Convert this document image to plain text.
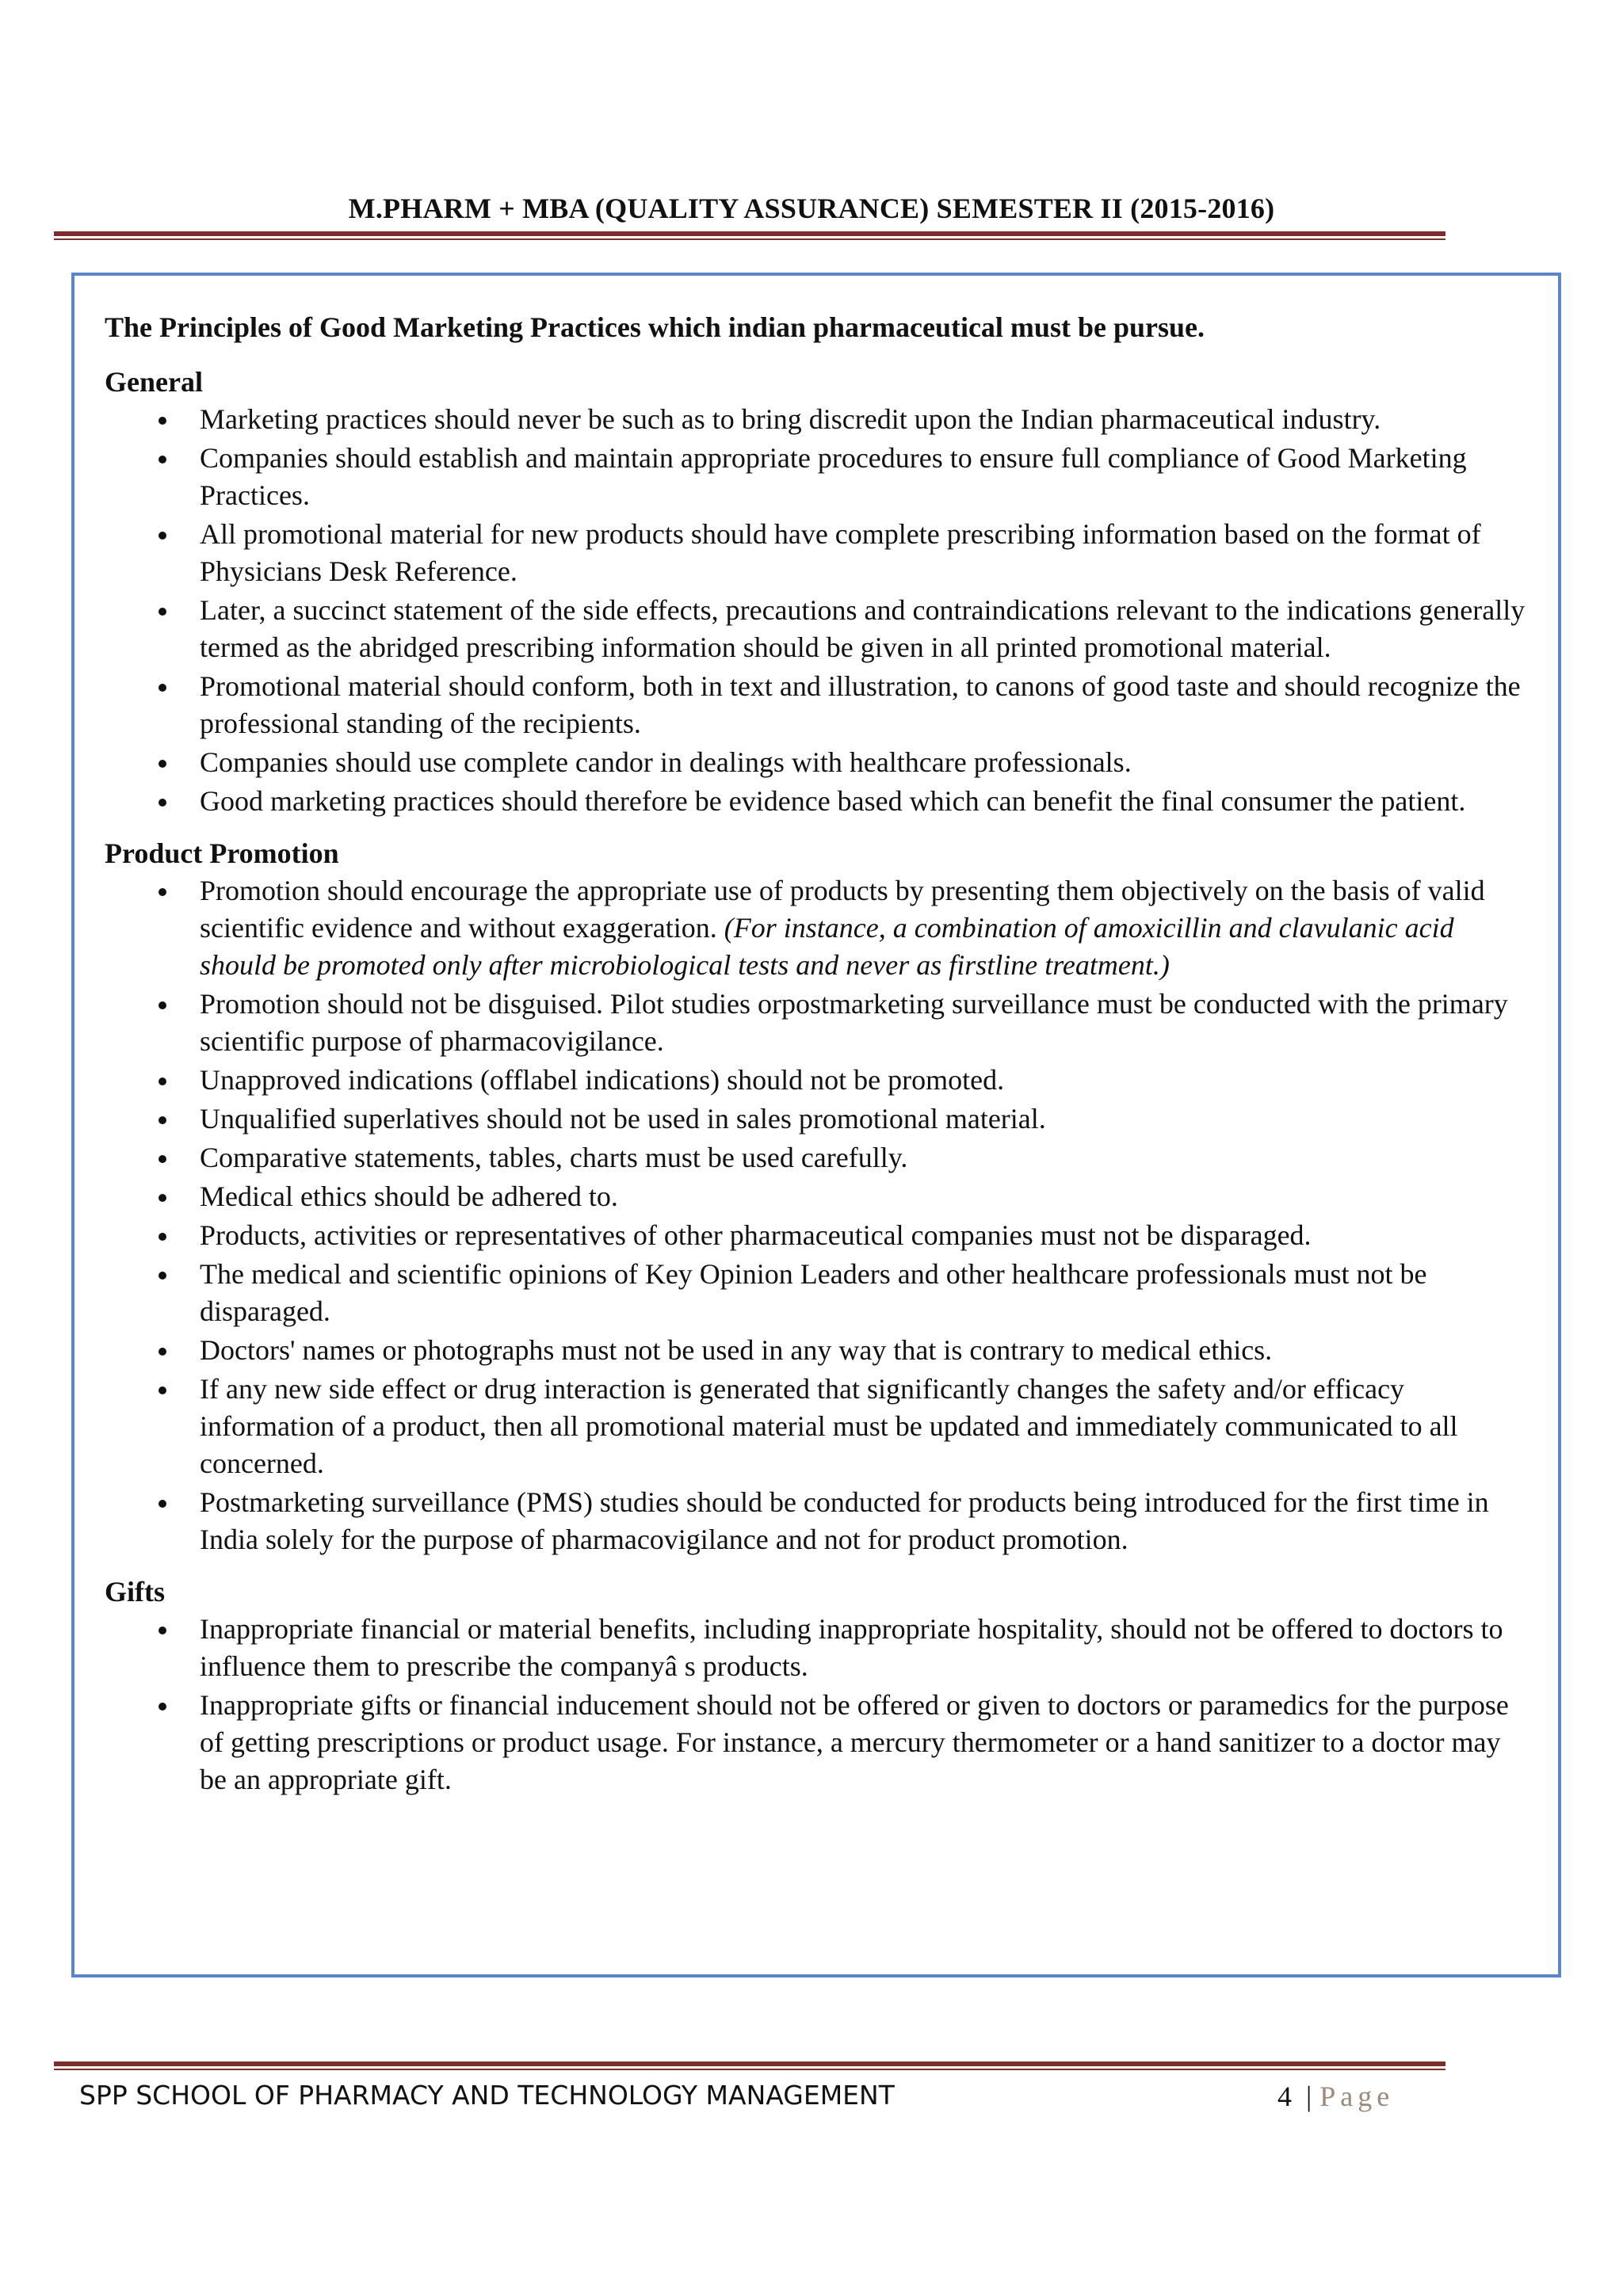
M.PHARM + MBA (QUALITY ASSURANCE) SEMESTER II (2015-2016)

The Principles of Good Marketing Practices which indian pharmaceutical must be pursue.

General

Marketing practices should never be such as to bring discredit upon the Indian pharmaceutical industry.
Companies should establish and maintain appropriate procedures to ensure full compliance of Good Marketing Practices.
All promotional material for new products should have complete prescribing information based on the format of Physicians Desk Reference.
Later, a succinct statement of the side effects, precautions and contraindications relevant to the indications generally termed as the abridged prescribing information should be given in all printed promotional material.
Promotional material should conform, both in text and illustration, to canons of good taste and should recognize the professional standing of the recipients.
Companies should use complete candor in dealings with healthcare professionals.
Good marketing practices should therefore be evidence based which can benefit the final consumer the patient.

Product Promotion

Promotion should encourage the appropriate use of products by presenting them objectively on the basis of valid scientific evidence and without exaggeration. (For instance, a combination of amoxicillin and clavulanic acid should be promoted only after microbiological tests and never as firstline treatment.)
Promotion should not be disguised. Pilot studies orpostmarketing surveillance must be conducted with the primary scientific purpose of pharmacovigilance.
Unapproved indications (offlabel indications) should not be promoted.
Unqualified superlatives should not be used in sales promotional material.
Comparative statements, tables, charts must be used carefully.
Medical ethics should be adhered to.
Products, activities or representatives of other pharmaceutical companies must not be disparaged.
The medical and scientific opinions of Key Opinion Leaders and other healthcare professionals must not be disparaged.
Doctors' names or photographs must not be used in any way that is contrary to medical ethics.
If any new side effect or drug interaction is generated that significantly changes the safety and/or efficacy information of a product, then all promotional material must be updated and immediately communicated to all concerned.
Postmarketing surveillance (PMS) studies should be conducted for products being introduced for the first time in India solely for the purpose of pharmacovigilance and not for product promotion.

Gifts

Inappropriate financial or material benefits, including inappropriate hospitality, should not be offered to doctors to influence them to prescribe the companyâ s products.
Inappropriate gifts or financial inducement should not be offered or given to doctors or paramedics for the purpose of getting prescriptions or product usage. For instance, a mercury thermometer or a hand sanitizer to a doctor may be an appropriate gift.
SPP SCHOOL OF PHARMACY AND TECHNOLOGY MANAGEMENT	4 | Page
